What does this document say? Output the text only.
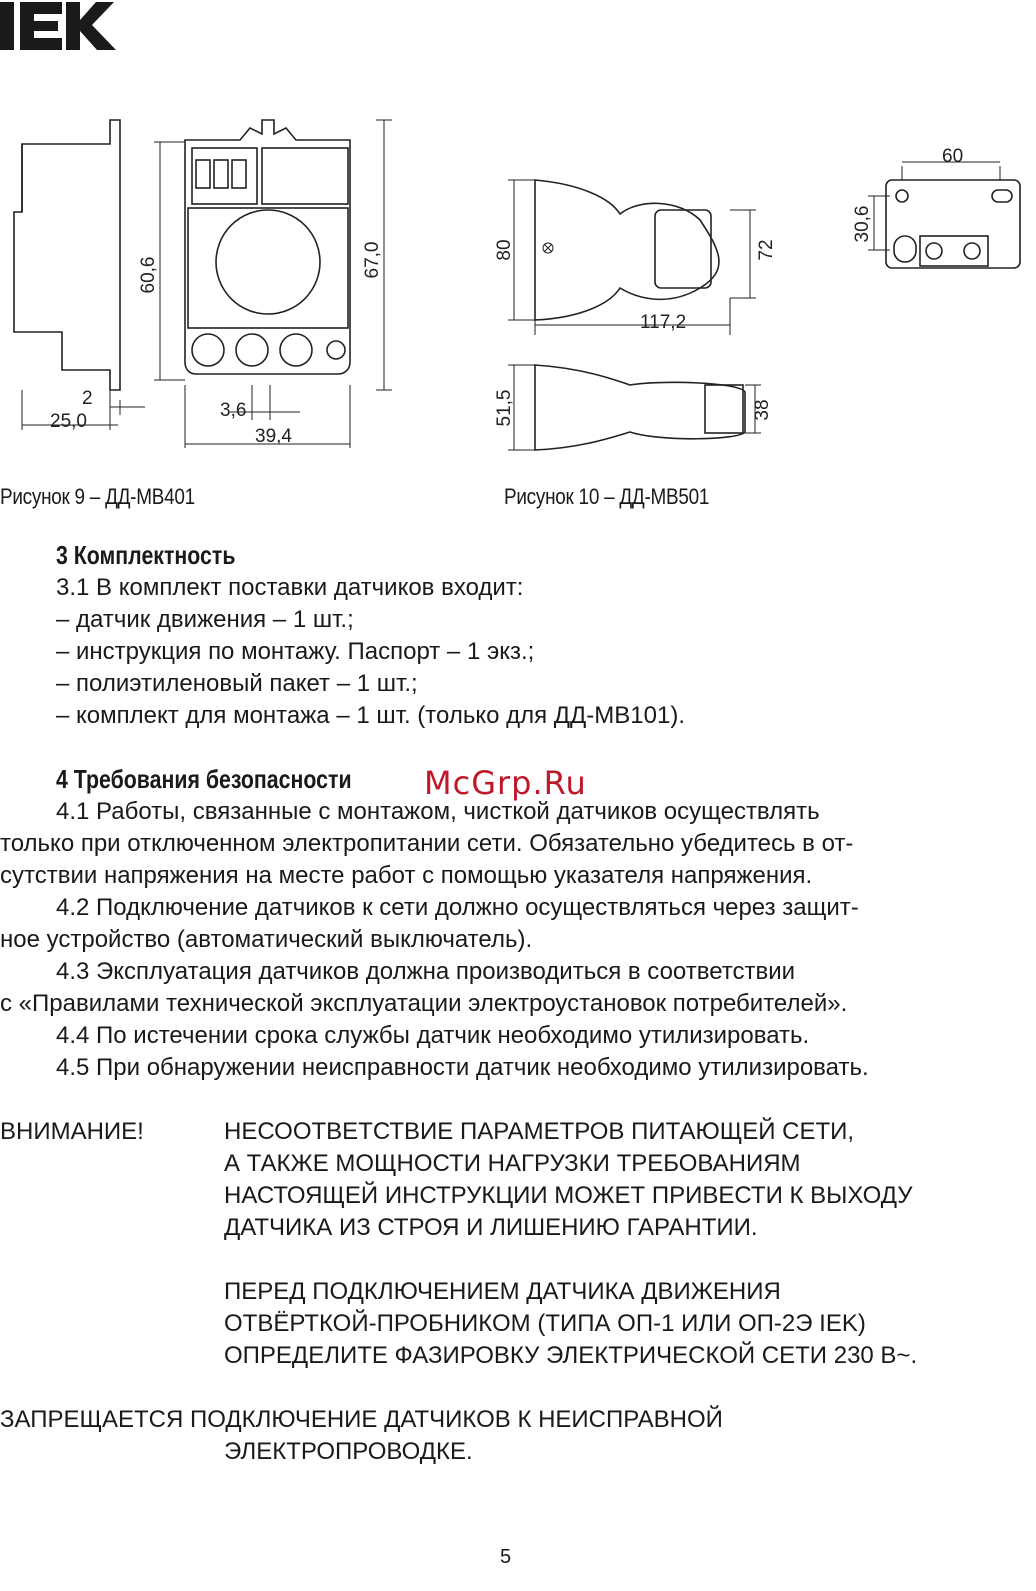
60,6	67,0
2
25,0
3,6
39,4
80	72
117,2
51,5	38
60
30,6
Рисунок 9 – ДД-МВ401	Рисунок 10 – ДД-МВ501
3 Комплектность
3.1 В комплект поставки датчиков входит:
– датчик движения – 1 шт.;
– инструкция по монтажу. Паспорт – 1 экз.;
– полиэтиленовый пакет – 1 шт.;
– комплект для монтажа – 1 шт. (только для ДД-МВ101).
4 Требования безопасности McGrp.Ru
4.1 Работы, связанные с монтажом, чисткой датчиков осуществлять
только при отключенном электропитании сети. Обязательно убедитесь в от-
сутствии напряжения на месте работ с помощью указателя напряжения.
4.2 Подключение датчиков к сети должно осуществляться через защит-
ное устройство (автоматический выключатель).
4.3 Эксплуатация датчиков должна производиться в соответствии
с «Правилами технической эксплуатации электроустановок потребителей».
4.4 По истечении срока службы датчик необходимо утилизировать.
4.5 При обнаружении неисправности датчик необходимо утилизировать.
ВНИМАНИЕ!	НЕСООТВЕТСТВИЕ ПАРАМЕТРОВ ПИТАЮЩЕЙ СЕТИ,
А ТАКЖЕ МОЩНОСТИ НАГРУЗКИ ТРЕБОВАНИЯМ
НАСТОЯЩЕЙ ИНСТРУКЦИИ МОЖЕТ ПРИВЕСТИ К ВЫХОДУ
ДАТЧИКА ИЗ СТРОЯ И ЛИШЕНИЮ ГАРАНТИИ.
ПЕРЕД ПОДКЛЮЧЕНИЕМ ДАТЧИКА ДВИЖЕНИЯ
ОТВЁРТКОЙ-ПРОБНИКОМ (ТИПА ОП-1 ИЛИ ОП-2Э IEK)
ОПРЕДЕЛИТЕ ФАЗИРОВКУ ЭЛЕКТРИЧЕСКОЙ СЕТИ 230 В~.
ЗАПРЕЩАЕТСЯ ПОДКЛЮЧЕНИЕ ДАТЧИКОВ К НЕИСПРАВНОЙ
ЭЛЕКТРОПРОВОДКЕ.
5
